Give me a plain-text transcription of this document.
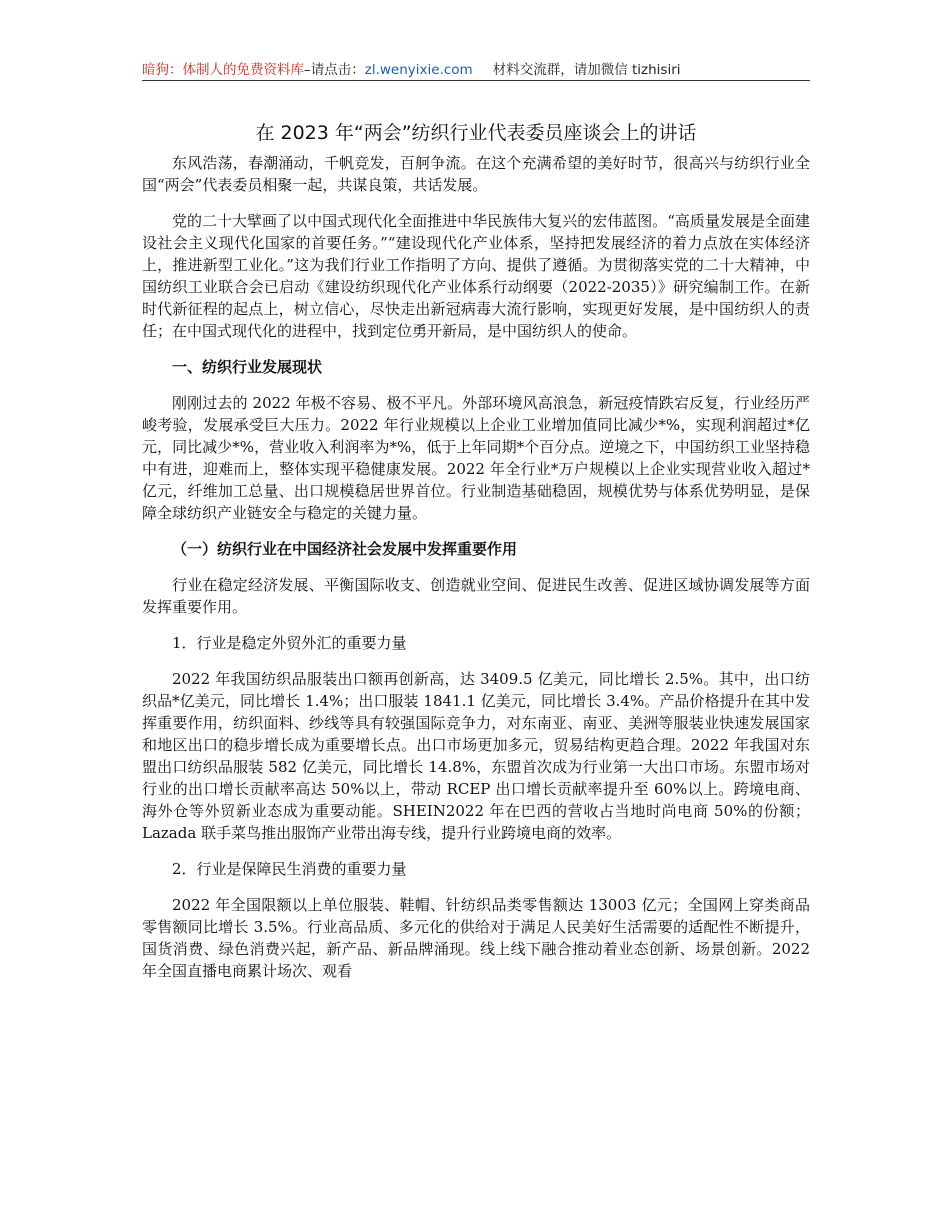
暗狗：体制人的免费资料库–请点击：zl.wenyixie.com 材料交流群，请加微信 tizhisiri
在 2023 年“两会”纺织行业代表委员座谈会上的讲话

东风浩荡，春潮涌动，千帆竞发，百舸争流。在这个充满希望的美好时节，很高兴与纺织行业全国“两会”代表委员相聚一起，共谋良策，共话发展。

党的二十大擘画了以中国式现代化全面推进中华民族伟大复兴的宏伟蓝图。“高质量发展是全面建设社会主义现代化国家的首要任务。”“建设现代化产业体系，坚持把发展经济的着力点放在实体经济上，推进新型工业化。”这为我们行业工作指明了方向、提供了遵循。为贯彻落实党的二十大精神，中国纺织工业联合会已启动《建设纺织现代化产业体系行动纲要（2022-2035）》研究编制工作。在新时代新征程的起点上，树立信心，尽快走出新冠病毒大流行影响，实现更好发展，是中国纺织人的责任；在中国式现代化的进程中，找到定位勇开新局，是中国纺织人的使命。

一、纺织行业发展现状

刚刚过去的 2022 年极不容易、极不平凡。外部环境风高浪急，新冠疫情跌宕反复，行业经历严峻考验，发展承受巨大压力。2022 年行业规模以上企业工业增加值同比减少*%，实现利润超过*亿元，同比减少*%，营业收入利润率为*%，低于上年同期*个百分点。逆境之下，中国纺织工业坚持稳中有进，迎难而上，整体实现平稳健康发展。2022 年全行业*万户规模以上企业实现营业收入超过*亿元，纤维加工总量、出口规模稳居世界首位。行业制造基础稳固，规模优势与体系优势明显，是保障全球纺织产业链安全与稳定的关键力量。

（一）纺织行业在中国经济社会发展中发挥重要作用

行业在稳定经济发展、平衡国际收支、创造就业空间、促进民生改善、促进区域协调发展等方面发挥重要作用。

1．行业是稳定外贸外汇的重要力量

2022 年我国纺织品服装出口额再创新高，达 3409.5 亿美元，同比增长 2.5%。其中，出口纺织品*亿美元，同比增长 1.4%；出口服装 1841.1 亿美元，同比增长 3.4%。产品价格提升在其中发挥重要作用，纺织面料、纱线等具有较强国际竞争力，对东南亚、南亚、美洲等服装业快速发展国家和地区出口的稳步增长成为重要增长点。出口市场更加多元，贸易结构更趋合理。2022 年我国对东盟出口纺织品服装 582 亿美元，同比增长 14.8%，东盟首次成为行业第一大出口市场。东盟市场对行业的出口增长贡献率高达 50%以上，带动 RCEP 出口增长贡献率提升至 60%以上。跨境电商、海外仓等外贸新业态成为重要动能。SHEIN2022 年在巴西的营收占当地时尚电商 50%的份额；Lazada 联手菜鸟推出服饰产业带出海专线，提升行业跨境电商的效率。

2．行业是保障民生消费的重要力量

2022 年全国限额以上单位服装、鞋帽、针纺织品类零售额达 13003 亿元；全国网上穿类商品零售额同比增长 3.5%。行业高品质、多元化的供给对于满足人民美好生活需要的适配性不断提升，国货消费、绿色消费兴起，新产品、新品牌涌现。线上线下融合推动着业态创新、场景创新。2022 年全国直播电商累计场次、观看
